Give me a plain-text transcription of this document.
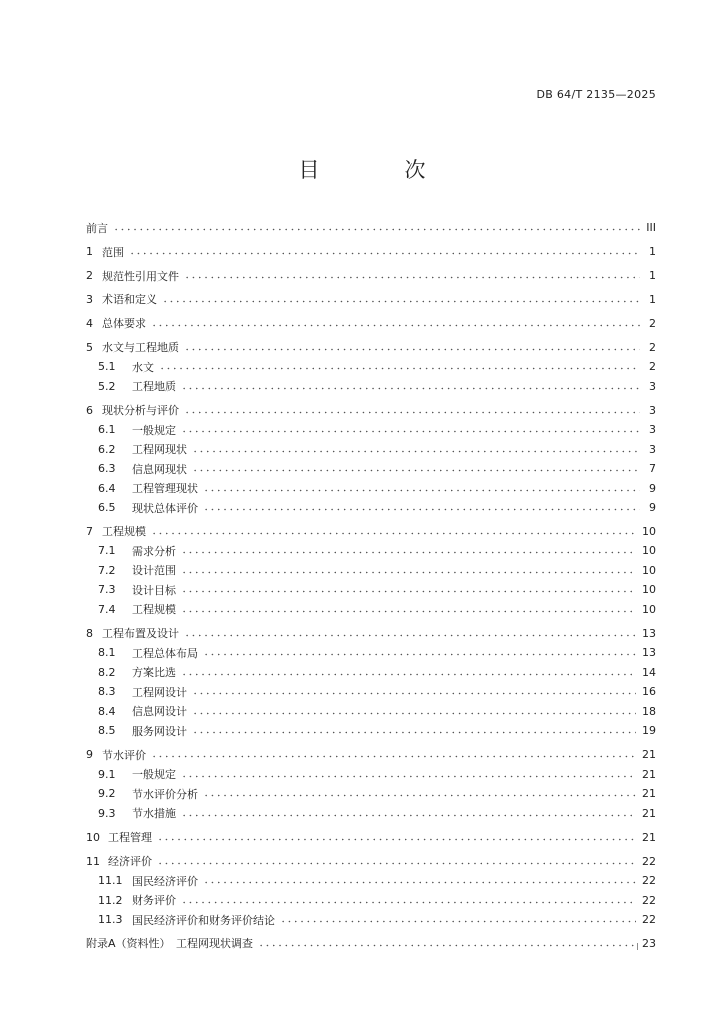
DB 64/T 2135—2025
目　次
前言	III
1 范围	1
2 规范性引用文件	1
3 术语和定义	1
4 总体要求	2
5 水文与工程地质	2
5.1	水文	2
5.2	工程地质	3
6 现状分析与评价	3
6.1	一般规定	3
6.2	工程网现状	3
6.3	信息网现状	7
6.4	工程管理现状	9
6.5	现状总体评价	9
7 工程规模	10
7.1	需求分析	10
7.2	设计范围	10
7.3	设计目标	10
7.4	工程规模	10
8 工程布置及设计	13
8.1	工程总体布局	13
8.2	方案比选	14
8.3	工程网设计	16
8.4	信息网设计	18
8.5	服务网设计	19
9 节水评价	21
9.1	一般规定	21
9.2	节水评价分析	21
9.3	节水措施	21
10 工程管理	21
11 经济评价	22
11.1 国民经济评价	22
11.2 财务评价	22
11.3 国民经济评价和财务评价结论	22
附录A（资料性）　工程网现状调查	23
I
